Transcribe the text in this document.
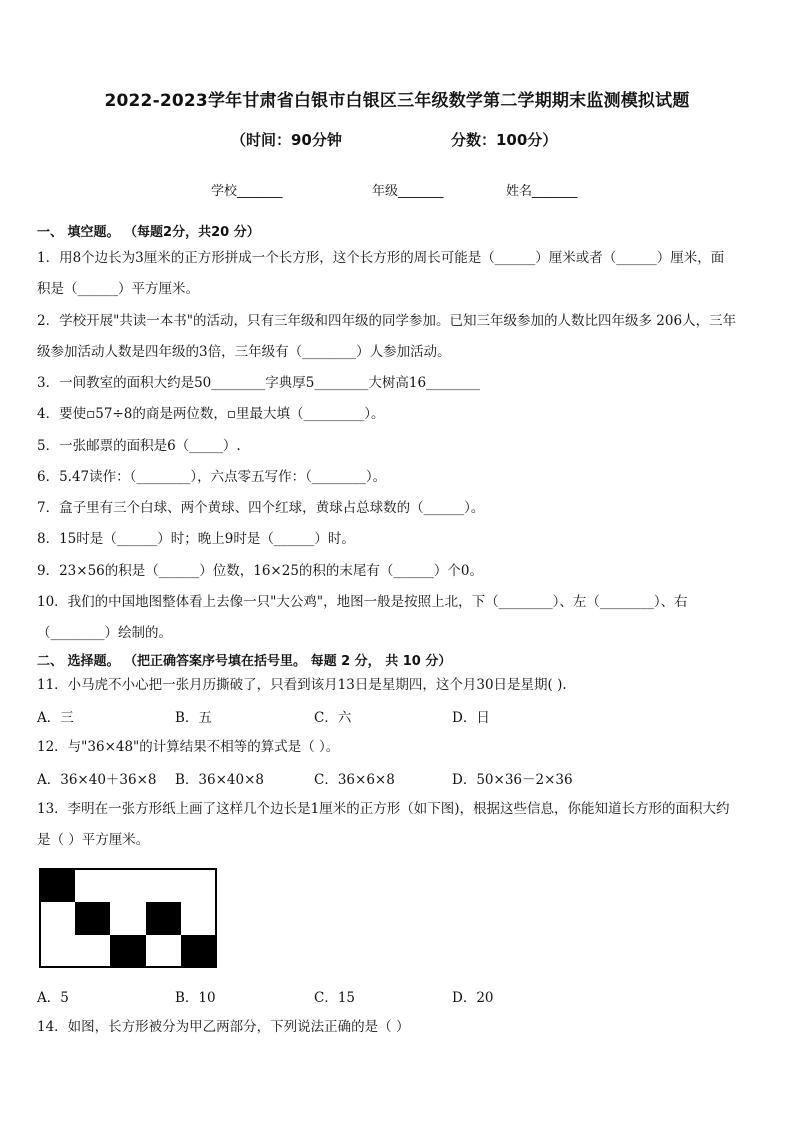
2022-2023学年甘肃省白银市白银区三年级数学第二学期期末监测模拟试题
（时间：90分钟	分数：100分）
学校_______	年级_______	姓名_______
一、 填空题。 （每题2分，共20 分）
1．用8个边长为3厘米的正方形拼成一个长方形，这个长方形的周长可能是（______）厘米或者（______）厘米，面
积是（______）平方厘米。
2．学校开展"共读一本书"的活动，只有三年级和四年级的同学参加。已知三年级参加的人数比四年级多 206人，三年
级参加活动人数是四年级的3倍，三年级有（________）人参加活动。
3．一间教室的面积大约是50________字典厚5________大树高16________
4．要使▫57÷8的商是两位数，▫里最大填（_________）。
5．一张邮票的面积是6（_____）.
6．5.47读作：（________），六点零五写作：（________）。
7．盒子里有三个白球、两个黄球、四个红球，黄球占总球数的（______）。
8．15时是（______）时；晚上9时是（______）时。
9．23×56的积是（______）位数，16×25的积的末尾有（______）个0。
10．我们的中国地图整体看上去像一只"大公鸡"，地图一般是按照上北，下（________）、左（________）、右
（________）绘制的。
二、 选择题。 （把正确答案序号填在括号里。 每题 2 分， 共 10 分）
11．小马虎不小心把一张月历撕破了，只看到该月13日是星期四，这个月30日是星期( ).
A．三	B．五	C．六	D．日
12．与"36×48"的计算结果不相等的算式是（ ）。
A．36×40＋36×8 B．36×40×8	C．36×6×8	D．50×36－2×36
13．李明在一张方形纸上画了这样几个边长是1厘米的正方形（如下图)，根据这些信息，你能知道长方形的面积大约
是（ ）平方厘米。
A．5	B．10	C．15	D．20
14．如图，长方形被分为甲乙两部分，下列说法正确的是（ ）
